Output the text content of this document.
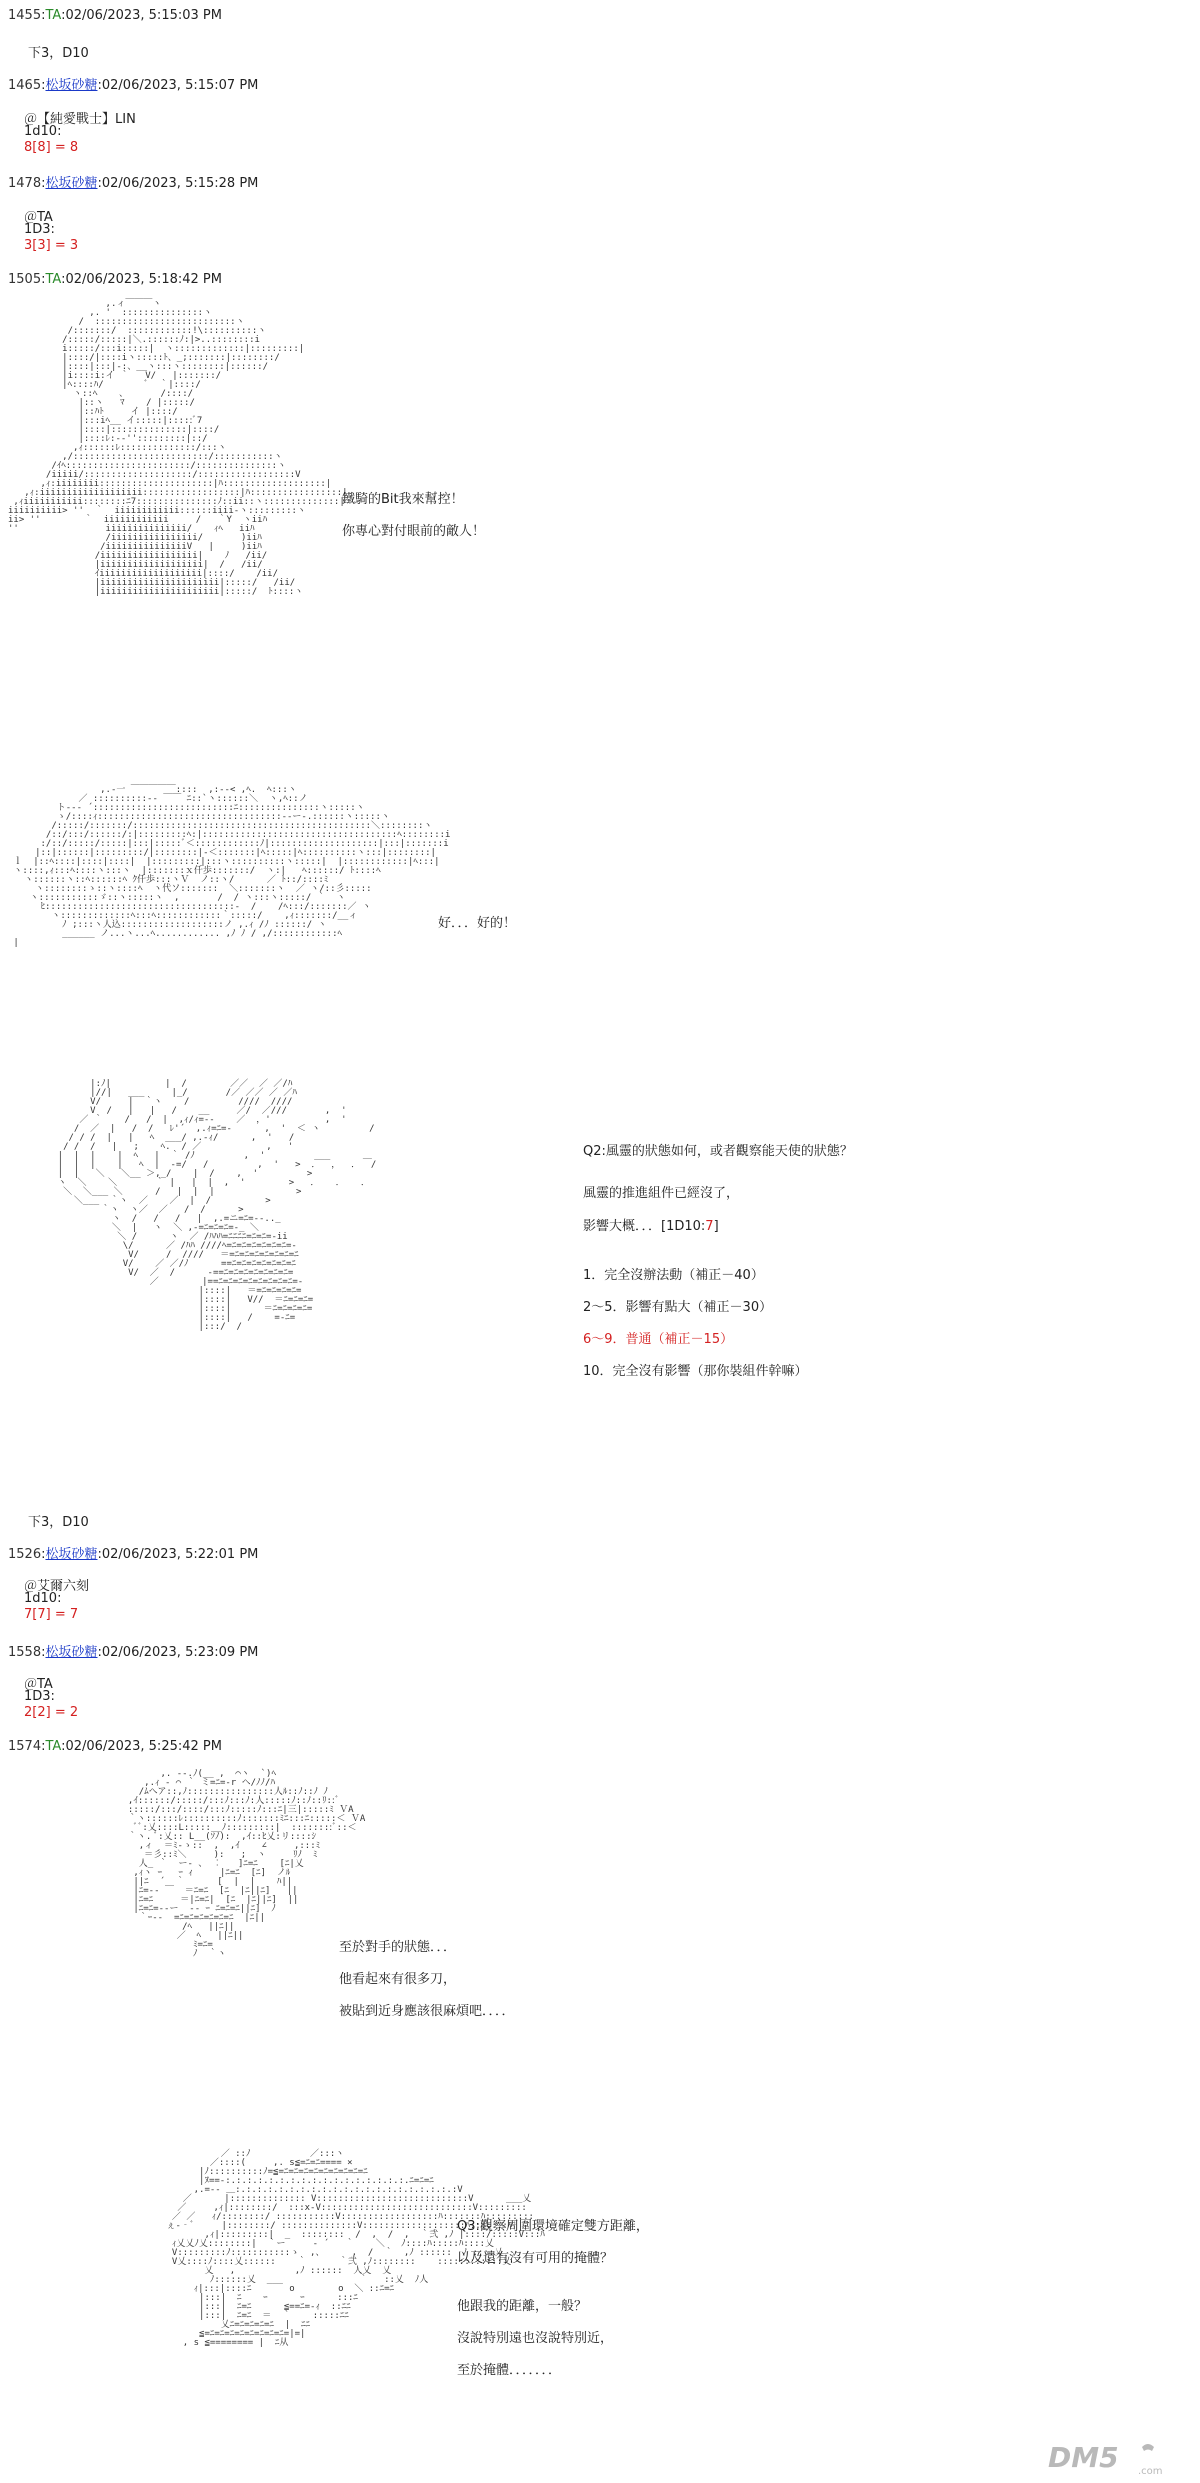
1455:TA:02/06/2023, 5:15:03 PM
下3，D10
1465:松坂砂糖:02/06/2023, 5:15:07 PM
＠【純愛戰士】LIN
1d10:
8[8] = 8
1478:松坂砂糖:02/06/2023, 5:15:28 PM
＠TA
1D3:
3[3] = 3
1505:TA:02/06/2023, 5:18:42 PM
,.ィ￣￣￣ヽ
,. '  :::::::::::::::ヽ
/  ::::::::::::::::::::::::::ヽ
/:::::::/  ::::::::::::!\::::::::::ヽ
/:::::/:::::|＼.::::::ﾉ:|>..::::::::i
i:::::/:::i:::::|  ヽ:::::::::::::|:::::::::|
|::::/|::::iヽ:::::ﾄ、_;:::::::|::::::::/
|::::|:::|‐:、__ヽ:::ヽ::::::::|::::::/
|i::::i:イ ｀   V/   |:::::::/
|ﾍ::::ﾊ/        ﾞ  ｀|::::/
ヽ::ﾍ    、      /::::/
|::ヽ   ﾏ    / |:::::/
|::ﾊﾄ     イ |::::/
|:::iﾍ__ イ:::::|:::::ﾞ7
|::::|::::::::::::::|::::/
|::::ﾚ:-‐'':::::::::|::/
,ｨ::::::ﾚ::::::::::::::/:::ヽ
,/:::::::::::::::::::::::::/:::::::::::ヽ
/ｲﾍ:::::::::::::::::::::::/:::::::::::::::ヽ
/iiiii/::::::::::::::::::::/::::::::::::::::::V
,ｨ:iiiiiiii:::::::::::::::::::::|ﾊ:::::::::::::::::::|
,ｨ:iiiiiiiiiiiiiiiiiii::::::::::::::::::|ﾊ:::::::::::::::::|
,ｨiiiiiiiiiii::::::::ﾆ7:::::::::::::::ﾉ::ii::ヽ::::::::::::::|
iiiiiiiiii> ''  ｀  iiiiiiiiiiii::::::iiii-ヽ:::::::::ヽ
ii> ''        ｀  iiiiiiiiiiii     /   ｀Y  ヽiiﾊ
''                iiiiiiiiiiiiiii/    ｨﾍ   iiﾊ
/iiiiiiiiiiiiiiii/       )iiﾊ
/iiiiiiiiiiiiiiiV   |     )iiﾊ
/iiiiiiiiiiiiiiiiii|    ﾉ   /ii/
|iiiiiiiiiiiiiiiiiii|  /   /ii/
ｲiiiiiiiiiiiiiiiiiii|::::/    /ii/
|iiiiiiiiiiiiiiiiiiiiii|:::::/   /ii/
|iiiiiiiiiiiiiiiiiiiiii|:::::/  ﾄ::::ヽ
鐵騎的Bit我來幫控！
你專心對付眼前的敵人！
,.-一 ￣￣￣￣￣::::  ,:-‐< ,ﾍ.  ﾍ:::ヽ
／ ::::::::::-‐ ￣￣ ﾆ::`ヽ::::::＼  ヽ,ﾍ::ノ
ト‐-- ´::::::::::::::::::::::::::ﾆ:::::::::::::::ヽ:::::ヽ
ゝ/::::ｨ::::::::::::::::::::::::::::::::::-‐ー-.::::::ヽ:::::ヽ
/:::::/:::::::/::::::::::::::::::::::::::::::::::::::::::::＼::::::::ヽ
/::/:::/::::::/:|:::::::::ﾍ:|::::::::::::::::::::::::::::::::::::ﾍ::::::::i
:/::/:::::/:::::|:::|:::::ﾞ＜::::::::::::ﾉ|::::::::::::::::::::|:::|:::::::i
|::|::::::|:::::::::/|::::::::|‐＜:::::::|ﾍ:::::|ﾍ::::::::::ヽ:::|::::::::|
ｌ  |::ﾍ::::|::::|::::|  |:::::::::|:::ヽ::::::::::ヽ:::::|  |::::::::::::|ﾍ:::|
ヽ::::,ｨ:::ﾍ::::ヽ:::ヽ  |:::::::ｘ仟歩:::::::/  ヽ:|   ﾍ::::::/ ﾄ::::ﾍ
ヽ::::::ヽ::ﾍ::::::ﾍ ｸ仟歩:::ヽＶ  ノ::ヽ/      ／ ﾄ::/::::ﾐ
ヽ::::::::ゝ::ヽ::::ﾍ  ヽ代ソ:::::::  ＼:::::::ヽ  ／ ヽ/::彡:::::
ヽ:::::::::::ゞ::ヽ:::::ヽ  ,       /  / ヽ:::ヽ:::::/ ｀  ヽ
ﾋ:::::::::::::::::::::::::::::::::::-  /    /ﾍ:::/:::::::／ ヽ
ヽ:::::::::::::ﾍ:::ﾍ::::::::::::｀:::::/    ,ｨ:::::::/__ィ
ﾉ ;:::ヽ人込:::::::::::::::::::ノ ,.ｨ /ﾉ ::::::/ ヽ
______ ノ...ヽ...ﾍ............ ,ﾉ ﾉ / ,/::::::::::::ﾍ
|
好．．．好的！
|:ﾉ|          |  /        ／／  ／ ／/ﾊ
|//|   ___     |_/       /／ ／／ ／ ／ﾊ
V/     |  ｀ヽ    /         ////  ////
V  /   |   |   /    __     ／/  ／///       ,  '
／ ｀    /   /  |  ,ｨ/ｨ=‐-    ／  ，'          ,  '
/  ／  |   /  /   ﾚ'´  ,.ｨ=ﾆ=-      ,  '  ＜ ヽ         /
/ / /  |   |   ﾍ  ___/ ,.-ｨ/      ,  '   /
/ /  /   |   ;    ﾍ.  / ／            ,   '
|  |  |    |  ﾍ   |  ｀ /ﾉ         ,  '         ___      ＿
|  |  |    |   ﾍ  |  -=/   /         ,  '   >  ．  ，  ．  /
|  |   ＼   ＼__ ＞,_/    |  /    ,  '         >
ヽ  ＼    ＼       ｀ |   |  |  ,  '        >   ．   ．   ．
＼  ＼___ ＼      /   |  |  |               >
＼___  ｀ヽ  ／    ／  |  /          >
｀ヽ  ヽ／  ／   /  /      >
ヽ  /   /   /   |  ,.=ニ=ﾆ=-‐.._
＼  |   ヽ  ＼ ,-=ﾆ=ﾆ=ﾆ=-_ ＼
＼ /      ヽ  ／ /ﾊﾊﾊ=ﾆﾆﾆﾆ=ﾆ=ﾆ=-ii
\/      ／ /ﾊﾊ ////ﾍ=ﾆ=ﾆ=ﾆ=ﾆ=ﾆ=ﾆ=-
V/     /  ////   ＝=ﾆ=ﾆ=ﾆ=ﾆ=ﾆ=ﾆ=ﾆ
V/    ／ ／/ﾉ      ==ﾆ=ﾆ=ﾆ=ﾆ=ﾆ=ﾆ=ﾆ
V/  ／  /      -==ﾆ=ﾆ=ﾆ=ﾆ=ﾆ=ﾆ=ﾆ=
／        |==ﾆ=ﾆ=ﾆ=ﾆ=ﾆ=ﾆ=ﾆ=ﾆ=-
|::::|   ＝=ﾆ=ﾆ=ﾆ=ﾆ=
|::::|   V//  ＝ﾆ=ﾆ=ﾆ=
|::::|      ＝ﾆ=ﾆ=ﾆ=ﾆ=
|::::|   /    =-ﾆ=
|:::/  /
Q2:風靈的狀態如何，或者觀察能天使的狀態？
風靈的推進組件已經沒了，
影響大概．．．[1D10:7]
1．完全沒辦法動（補正－40）
2～5．影響有點大（補正－30）
6～9．普通（補正－15）
10．完全沒有影響（那你裝組件幹嘛）
下3，D10
1526:松坂砂糖:02/06/2023, 5:22:01 PM
＠艾爾六刻
1d10:
7[7] = 7
1558:松坂砂糖:02/06/2023, 5:23:09 PM
＠TA
1D3:
2[2] = 2
1574:TA:02/06/2023, 5:25:42 PM
,. ‐-.ﾉ(__ ,  ⌒ヽ  `)ﾍ
,.ｨ ‐ ⌒ ｀ ミ=ﾆ=-r ヘ/ﾉﾉ/ﾊ
/ﾑへア::,ﾉ::::::::::::::::人ﾙ::ﾉ::ﾉ ﾉ
,ｲ::::::/:::::/:::ﾉ:::ﾉ:人:::::ﾉ::ﾉ::ﾘ::ﾞ
:::::/:::/::::/:::ﾉ:::::ﾉ:::ﾆ|三|:::::ﾐ ＶA
｀ヽ::::::ﾚ::::::::::ﾉ:::::::ﾐﾆ:::ﾆ:::::＜ ＶA
ﾞﾞ:乂::::L:::::__ﾉ:::::::::|  ::::::::ﾞ::＜
｀ヽ. ﾞ:乂:: L__(ｿﾉ):  ,ｲ::ﾋ乂:リ::::ｼ
,ィ  ＝ﾐ-ゝ::  ,  ,ｲ    ∠     ,:::ﾐ
＝彡::ﾐ＼     ):   ;  ヽ     ﾘﾉ  ﾐ
人_ ｀  ー‐ 、 ︰   ]ﾆ=ﾆ    [ﾆ|乂
,ｨヽ ｰ   ｰ ｨ     |ﾆ=ﾆ  [ﾆ]  ノﾙ
||ﾆ  ´  ｀      [  |  |    ﾊ||
|ﾆ=-‐ ￣  ＝ﾆ=ﾆ  [ﾆ  |ﾆ||ﾆ]   ||
|ﾆ=ﾆ     ＝|ﾆ=ﾆ|  [ﾆ  |ﾆ||ﾆ]  ||
|ﾆ=ﾆ=-‐ー  -‐ ｰ ﾆ=ﾆ=ﾆ||ﾆ]  ﾉ
｀ｰ-‐  =ﾆ=ﾆ=ﾆ=ﾆ=ﾆ=ﾆ  |ﾆ||
/ﾍ   ||ﾆ||
／  ﾍ   ||ﾆ||
ﾐ=ﾆ=
ﾉ  ｀ヽ	至於對手的狀態．．．
他看起來有很多刀，
被貼到近身應該很麻煩吧．．．．
／ ::ﾉ           ／:::ヽ
／::::(     ,. s≦=ﾆ=ﾆ==== ×
|ﾉ::::::::::ﾉ=≦=ﾆ=ﾆ=ﾆ=ﾆ=ﾆ=ﾆ=ﾆ=ﾆ=ﾆ
|ﾇ==‐:.:.:.:.:.:.:.:.:.:.:.:.:.:.:.:.:.ﾆ=ﾆ=ﾆ
,.=-‐ ＿:.:.:.:.:.:.:.:.:.:.:.:.:.:.:.:.:.:.:.:.:V
／      |:::::::::::::: V::::::::::::::::::::::::::::V      ___乂
／     ,ｨ|::::::::/  :::x-V::::::::::::::::::::::::::::V:::::::::
／ ／   ｨ/::::::::/ :::::::::::V::::::::::::::::::ﾊ:::::::ﾊ:::::::::
ぇ-‐ﾞ     |::::::::/ ::::::::::::::V:::::::::::::::::::ﾊ:::::::ﾊ
,ｨ|:::::::::|  _  ::::::::  /  ,  /  ,  ｀弐 ,ﾉ |::::/:::::V:::ﾊ
ｨ乂乂ﾉ乂::::::::|  ｀ー     ‐ ´   ｀    ＼   ﾉ::::ﾊ:::::ﾊ::::乂
V:::::::::ﾉ:::::::::::ゝ  ,、     ,  /  ｀  ,ﾉ ::::::  ﾉ ::::乂
V乂::::ﾉ::::乂::::::    ｀      ｀弐 ,ﾉ::::::::    ::::::::::::乂
乂   ,           ,ﾉ ::::::  人乂  乂
ﾉ::::::乂  ___              ｀   ::乂  ﾉ人
ｨ|:::|::::ﾆ       o        o  ＼ ::ﾆ=ﾆ
|:::|  ﾆ    ｰ      ｰ      :::ﾆ
|:::|  ﾆ=ﾆ      ≦==ﾆ=‐ｨ  ::ﾆﾆ
|:::|  ﾆ=ﾆ  ＝  ｀    :::::ﾆﾆ
乂ﾆ=ﾆ=ﾆ=ﾆ=ﾆ  |  ﾆﾆ
≦=ﾆ=ﾆ=ﾆ=ﾆ=ﾆ=ﾆ=ﾆ=ﾆ=|=|
, s ≦======== |  ﾆ从
Q3:觀察周圍環境確定雙方距離，
以及還有沒有可用的掩體？
他跟我的距離，一般？
沒說特別遠也沒說特別近，
至於掩體．．．．．．．
DM5 .com
